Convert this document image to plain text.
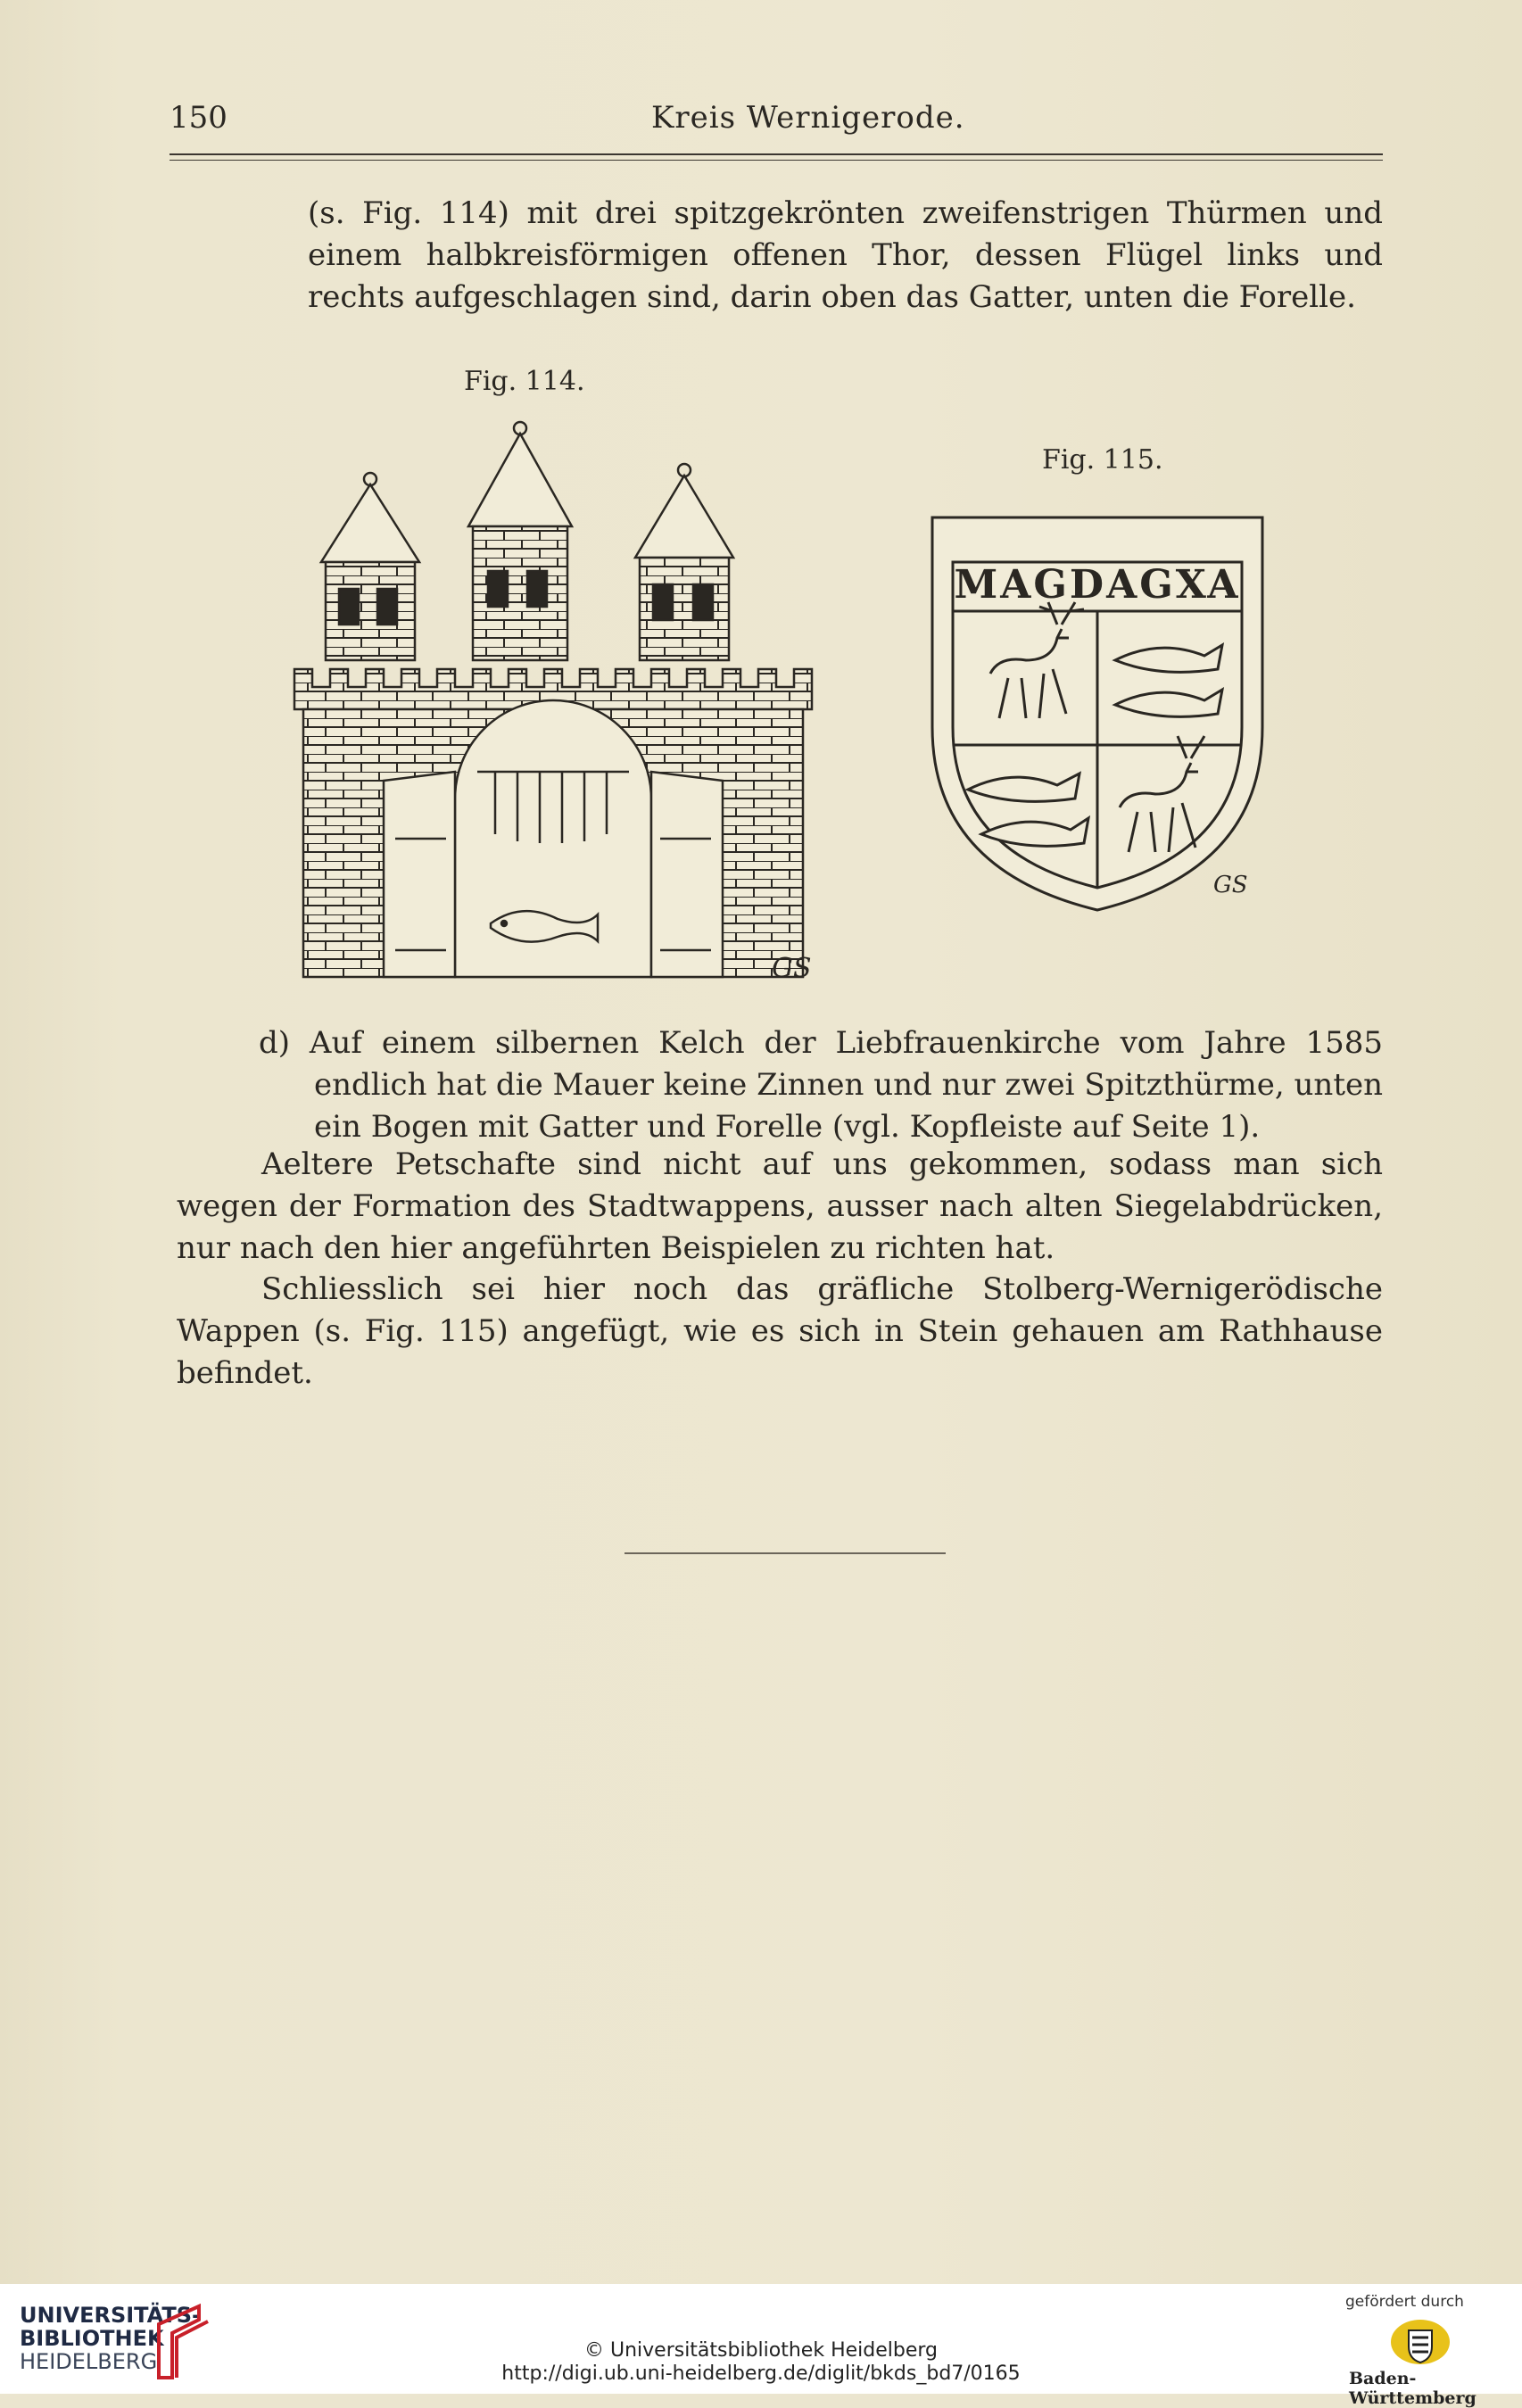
150	Kreis Wernigerode.

(s. Fig. 114) mit drei spitzgekrönten zweifenstrigen Thürmen und einem halbkreisförmigen offenen Thor, dessen Flügel links und rechts aufgeschlagen sind, darin oben das Gatter, unten die Forelle.

Fig. 114.
Fig. 115.
GS
MAGDAGXA
GS

d) Auf einem silbernen Kelch der Liebfrauenkirche vom Jahre 1585 endlich hat die Mauer keine Zinnen und nur zwei Spitzthürme, unten ein Bogen mit Gatter und Forelle (vgl. Kopfleiste auf Seite 1).

Aeltere Petschafte sind nicht auf uns gekommen, sodass man sich wegen der Formation des Stadtwappens, ausser nach alten Siegelabdrücken, nur nach den hier angeführten Beispielen zu richten hat.

Schliesslich sei hier noch das gräfliche Stolberg-Wernigerödische Wappen (s. Fig. 115) angefügt, wie es sich in Stein gehauen am Rathhause befindet.

UNIVERSITÄTS-
BIBLIOTHEK
HEIDELBERG	© Universitätsbibliothek Heidelberg
http://digi.ub.uni-heidelberg.de/diglit/bkds_bd7/0165
gefördert durch
Baden-Württemberg
